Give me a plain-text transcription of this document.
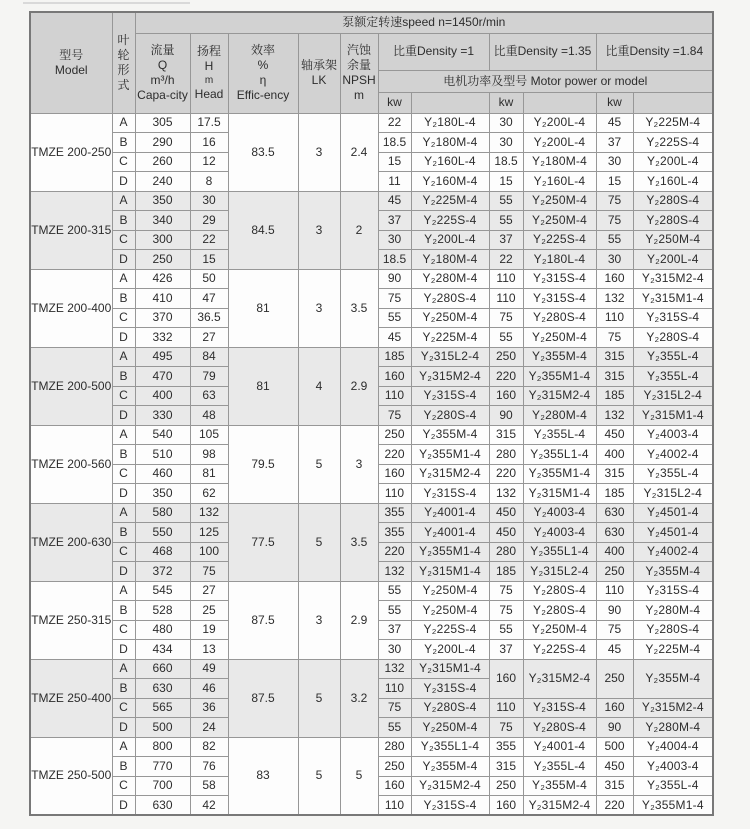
型号
Model	叶
轮
形
式	泵额定转速speed n=1450r/min										

		流量
Q
m³/h
Capa-city	扬程
H
m
Head	效率
%
η
Effic-ency	轴承架
LK	汽蚀
余量
NPSH
m	比重Density =1		比重Density =1.35		比重Density =1.84	
							电机功率及型号 Motor power or model					
							kw		kw		kw	
TMZE 200-250	A	305	17.5	83.5	3	2.4	22	Y₂180L-4	30	Y₂200L-4	45	Y₂225M-4
	B	290	16				18.5	Y₂180M-4	30	Y₂200L-4	37	Y₂225S-4
	C	260	12				15	Y₂160L-4	18.5	Y₂180M-4	30	Y₂200L-4
	D	240	8				11	Y₂160M-4	15	Y₂160L-4	15	Y₂160L-4
TMZE 200-315	A	350	30	84.5	3	2	45	Y₂225M-4	55	Y₂250M-4	75	Y₂280S-4
	B	340	29				37	Y₂225S-4	55	Y₂250M-4	75	Y₂280S-4
	C	300	22				30	Y₂200L-4	37	Y₂225S-4	55	Y₂250M-4
	D	250	15				18.5	Y₂180M-4	22	Y₂180L-4	30	Y₂200L-4
TMZE 200-400	A	426	50	81	3	3.5	90	Y₂280M-4	110	Y₂315S-4	160	Y₂315M2-4
	B	410	47				75	Y₂280S-4	110	Y₂315S-4	132	Y₂315M1-4
	C	370	36.5				55	Y₂250M-4	75	Y₂280S-4	110	Y₂315S-4
	D	332	27				45	Y₂225M-4	55	Y₂250M-4	75	Y₂280S-4
TMZE 200-500	A	495	84	81	4	2.9	185	Y₂315L2-4	250	Y₂355M-4	315	Y₂355L-4
	B	470	79				160	Y₂315M2-4	220	Y₂355M1-4	315	Y₂355L-4
	C	400	63				110	Y₂315S-4	160	Y₂315M2-4	185	Y₂315L2-4
	D	330	48				75	Y₂280S-4	90	Y₂280M-4	132	Y₂315M1-4
TMZE 200-560	A	540	105	79.5	5	3	250	Y₂355M-4	315	Y₂355L-4	450	Y₂4003-4
	B	510	98				220	Y₂355M1-4	280	Y₂355L1-4	400	Y₂4002-4
	C	460	81				160	Y₂315M2-4	220	Y₂355M1-4	315	Y₂355L-4
	D	350	62				110	Y₂315S-4	132	Y₂315M1-4	185	Y₂315L2-4
TMZE 200-630	A	580	132	77.5	5	3.5	355	Y₂4001-4	450	Y₂4003-4	630	Y₂4501-4
	B	550	125				355	Y₂4001-4	450	Y₂4003-4	630	Y₂4501-4
	C	468	100				220	Y₂355M1-4	280	Y₂355L1-4	400	Y₂4002-4
	D	372	75				132	Y₂315M1-4	185	Y₂315L2-4	250	Y₂355M-4
TMZE 250-315	A	545	27	87.5	3	2.9	55	Y₂250M-4	75	Y₂280S-4	110	Y₂315S-4
	B	528	25				55	Y₂250M-4	75	Y₂280S-4	90	Y₂280M-4
	C	480	19				37	Y₂225S-4	55	Y₂250M-4	75	Y₂280S-4
	D	434	13				30	Y₂200L-4	37	Y₂225S-4	45	Y₂225M-4
TMZE 250-400	A	660	49	87.5	5	3.2	132	Y₂315M1-4	160	Y₂315M2-4	250	Y₂355M-4
	B	630	46				110	Y₂315S-4				
	C	565	36				75	Y₂280S-4	110	Y₂315S-4	160	Y₂315M2-4
	D	500	24				55	Y₂250M-4	75	Y₂280S-4	90	Y₂280M-4
TMZE 250-500	A	800	82	83	5	5	280	Y₂355L1-4	355	Y₂4001-4	500	Y₂4004-4
	B	770	76				250	Y₂355M-4	315	Y₂355L-4	450	Y₂4003-4
	C	700	58				160	Y₂315M2-4	250	Y₂355M-4	315	Y₂355L-4
	D	630	42				110	Y₂315S-4	160	Y₂315M2-4	220	Y₂355M1-4
